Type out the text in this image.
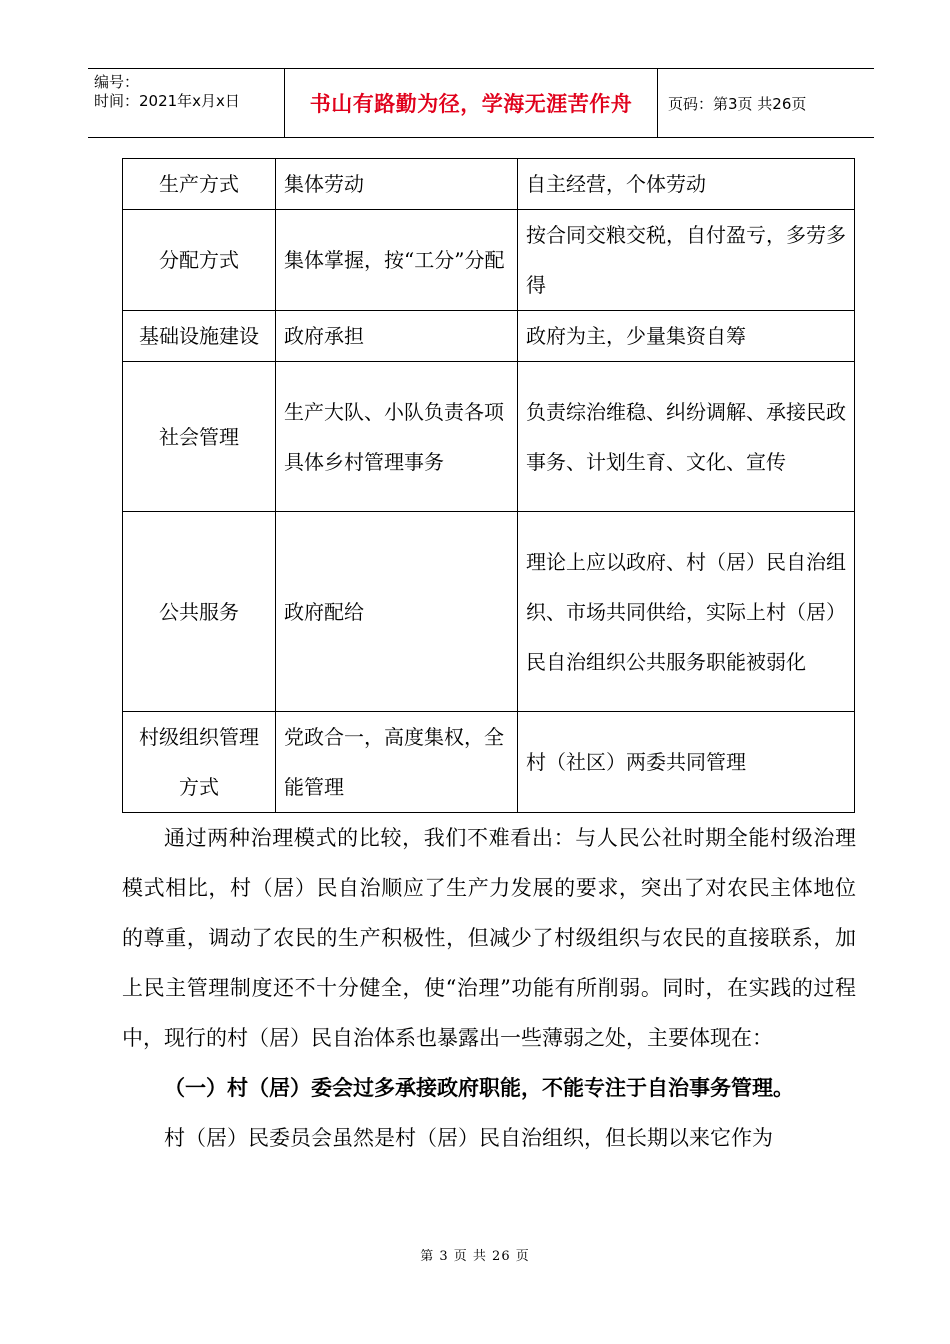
编号：
时间：2021年x月x日	书山有路勤为径，学海无涯苦作舟	页码：第3页 共26页
生产方式	集体劳动	自主经营，个体劳动
分配方式	集体掌握，按“工分”分配	按合同交粮交税，自付盈亏，多劳多得
基础设施建设	政府承担	政府为主，少量集资自筹
社会管理	生产大队、小队负责各项具体乡村管理事务	负责综治维稳、纠纷调解、承接民政事务、计划生育、文化、宣传
公共服务	政府配给	理论上应以政府、村（居）民自治组织、市场共同供给，实际上村（居）民自治组织公共服务职能被弱化
村级组织管理方式	党政合一，高度集权，全能管理	村（社区）两委共同管理

通过两种治理模式的比较，我们不难看出：与人民公社时期全能村级治理模式相比，村（居）民自治顺应了生产力发展的要求，突出了对农民主体地位的尊重，调动了农民的生产积极性，但减少了村级组织与农民的直接联系，加上民主管理制度还不十分健全，使“治理”功能有所削弱。同时，在实践的过程中，现行的村（居）民自治体系也暴露出一些薄弱之处，主要体现在：

（一）村（居）委会过多承接政府职能，不能专注于自治事务管理。

村（居）民委员会虽然是村（居）民自治组织，但长期以来它作为

第 3 页 共 26 页
